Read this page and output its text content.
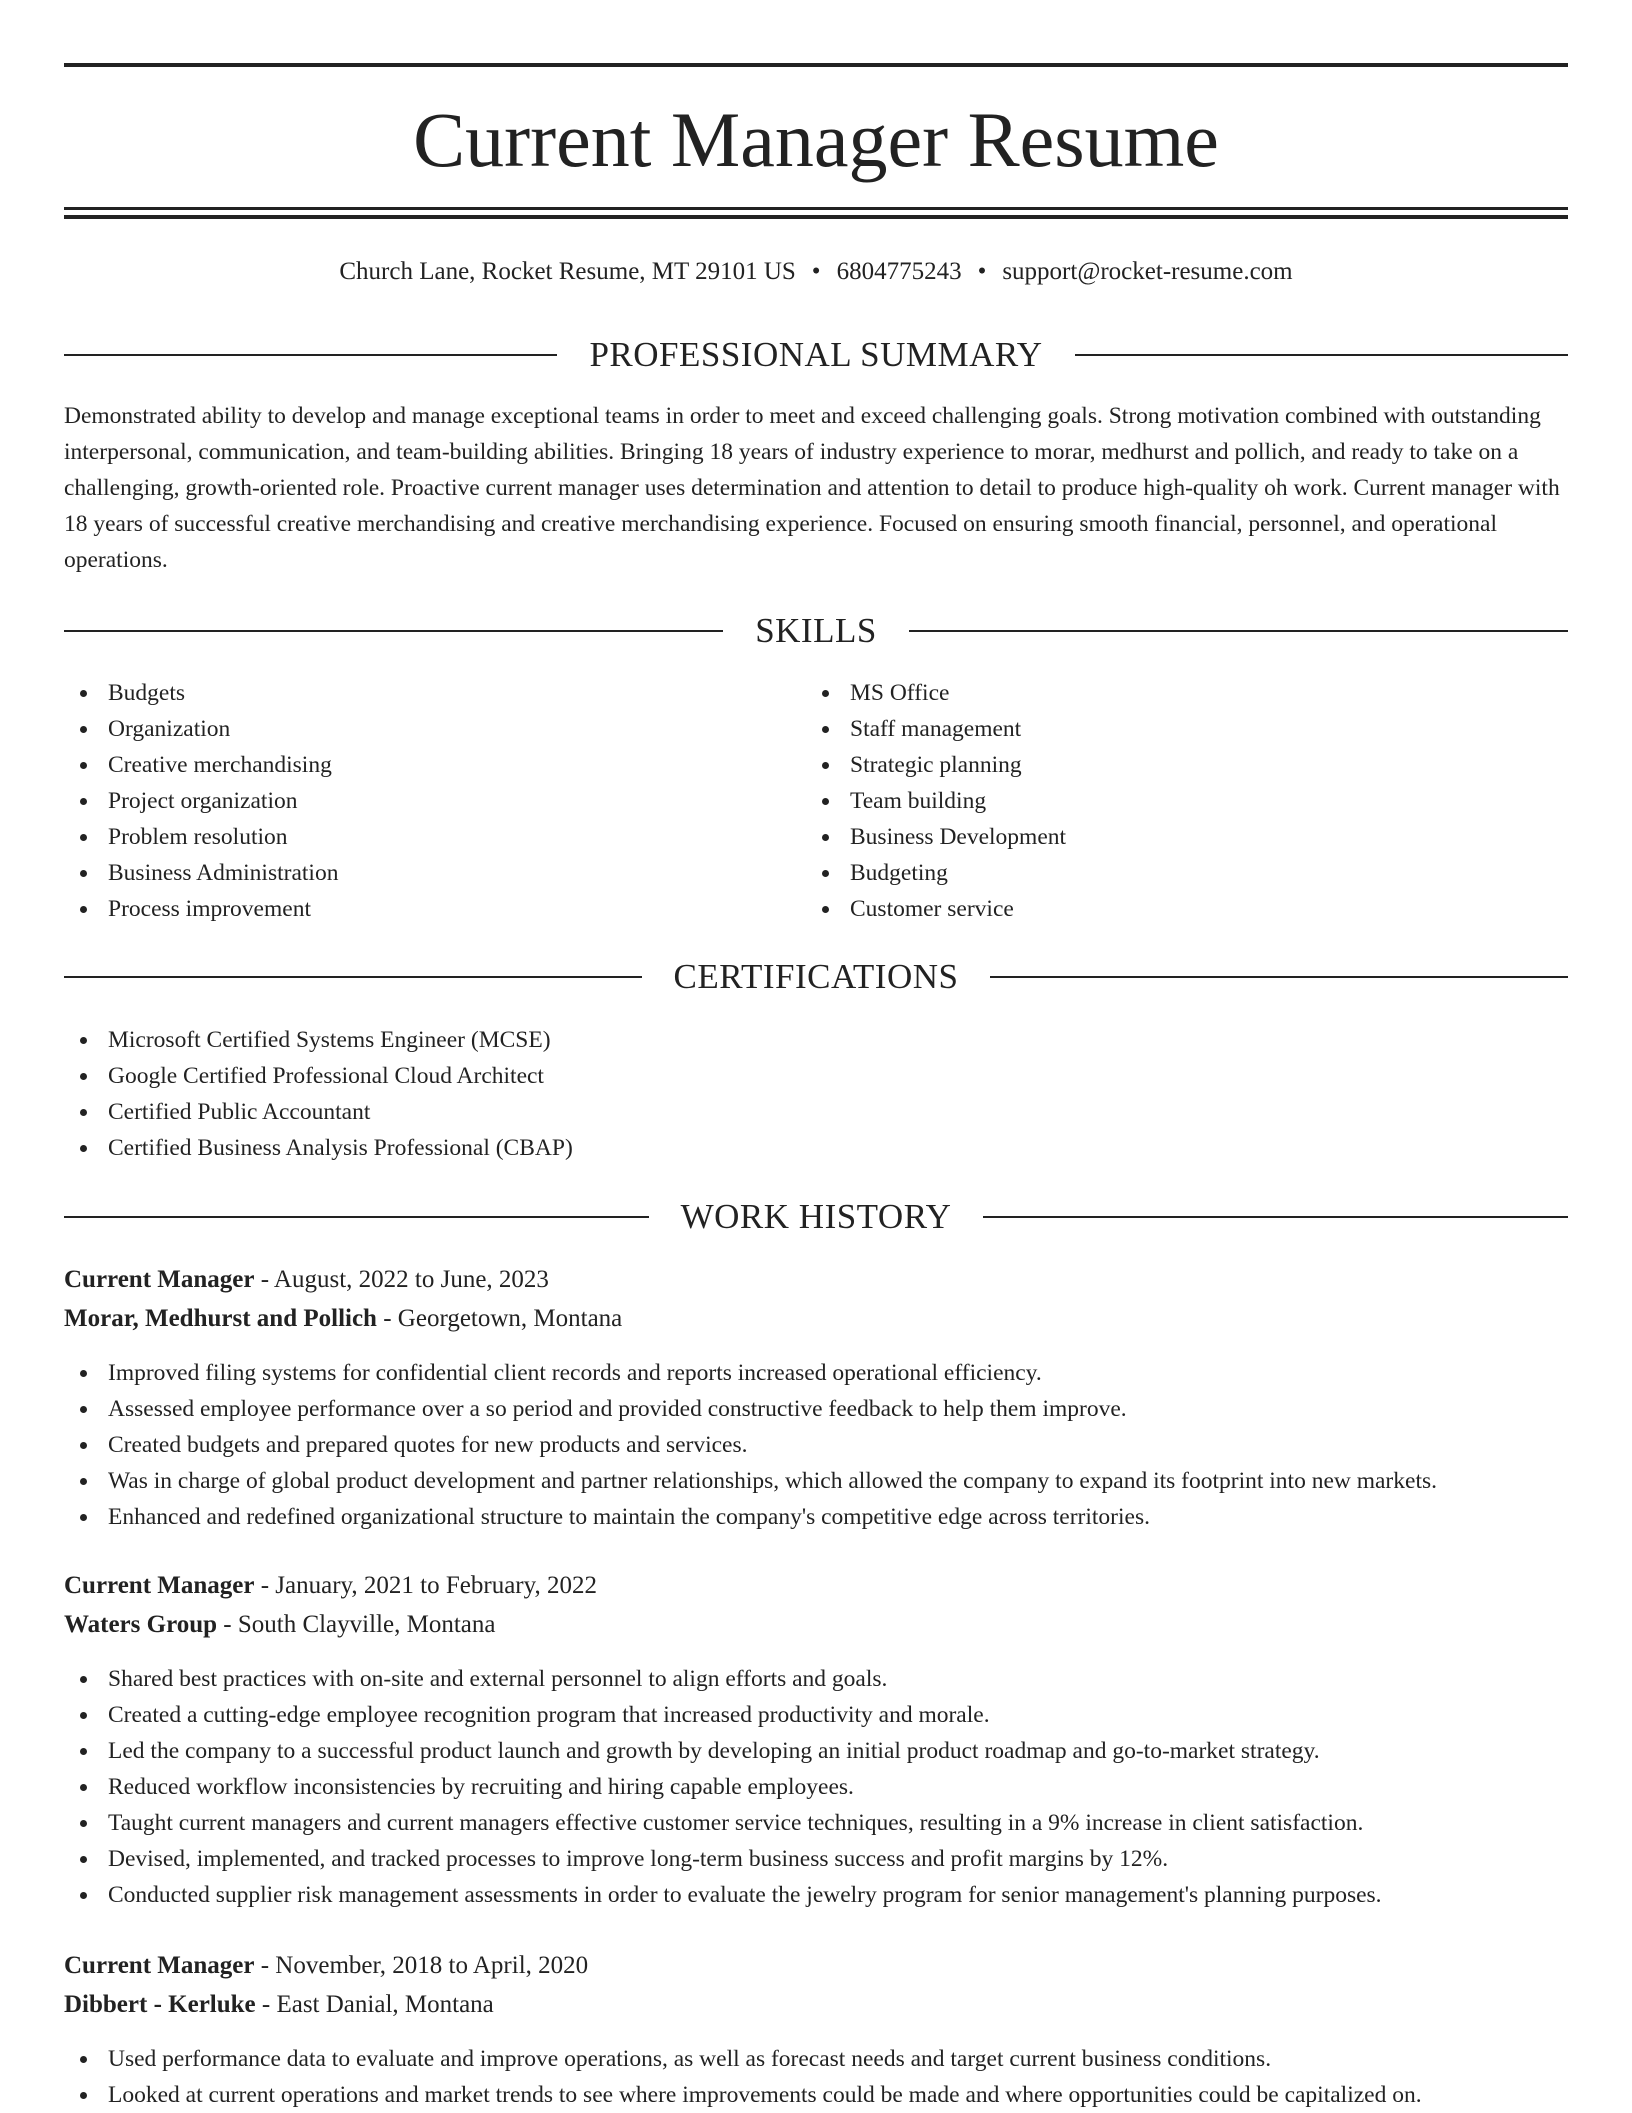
Current Manager Resume
Church Lane, Rocket Resume, MT 29101 US • 6804775243 • support@rocket-resume.com
PROFESSIONAL SUMMARY

Demonstrated ability to develop and manage exceptional teams in order to meet and exceed challenging goals. Strong motivation combined with outstanding interpersonal, communication, and team-building abilities. Bringing 18 years of industry experience to morar, medhurst and pollich, and ready to take on a challenging, growth-oriented role. Proactive current manager uses determination and attention to detail to produce high-quality oh work. Current manager with 18 years of successful creative merchandising and creative merchandising experience. Focused on ensuring smooth financial, personnel, and operational operations.

SKILLS
Budgets
Organization
Creative merchandising
Project organization
Problem resolution
Business Administration
Process improvement
MS Office
Staff management
Strategic planning
Team building
Business Development
Budgeting
Customer service
CERTIFICATIONS
Microsoft Certified Systems Engineer (MCSE)
Google Certified Professional Cloud Architect
Certified Public Accountant
Certified Business Analysis Professional (CBAP)
WORK HISTORY
Current Manager - August, 2022 to June, 2023
Morar, Medhurst and Pollich - Georgetown, Montana
Improved filing systems for confidential client records and reports increased operational efficiency.
Assessed employee performance over a so period and provided constructive feedback to help them improve.
Created budgets and prepared quotes for new products and services.
Was in charge of global product development and partner relationships, which allowed the company to expand its footprint into new markets.
Enhanced and redefined organizational structure to maintain the company's competitive edge across territories.
Current Manager - January, 2021 to February, 2022
Waters Group - South Clayville, Montana
Shared best practices with on-site and external personnel to align efforts and goals.
Created a cutting-edge employee recognition program that increased productivity and morale.
Led the company to a successful product launch and growth by developing an initial product roadmap and go-to-market strategy.
Reduced workflow inconsistencies by recruiting and hiring capable employees.
Taught current managers and current managers effective customer service techniques, resulting in a 9% increase in client satisfaction.
Devised, implemented, and tracked processes to improve long-term business success and profit margins by 12%.
Conducted supplier risk management assessments in order to evaluate the jewelry program for senior management's planning purposes.
Current Manager - November, 2018 to April, 2020
Dibbert - Kerluke - East Danial, Montana
Used performance data to evaluate and improve operations, as well as forecast needs and target current business conditions.
Looked at current operations and market trends to see where improvements could be made and where opportunities could be capitalized on.
